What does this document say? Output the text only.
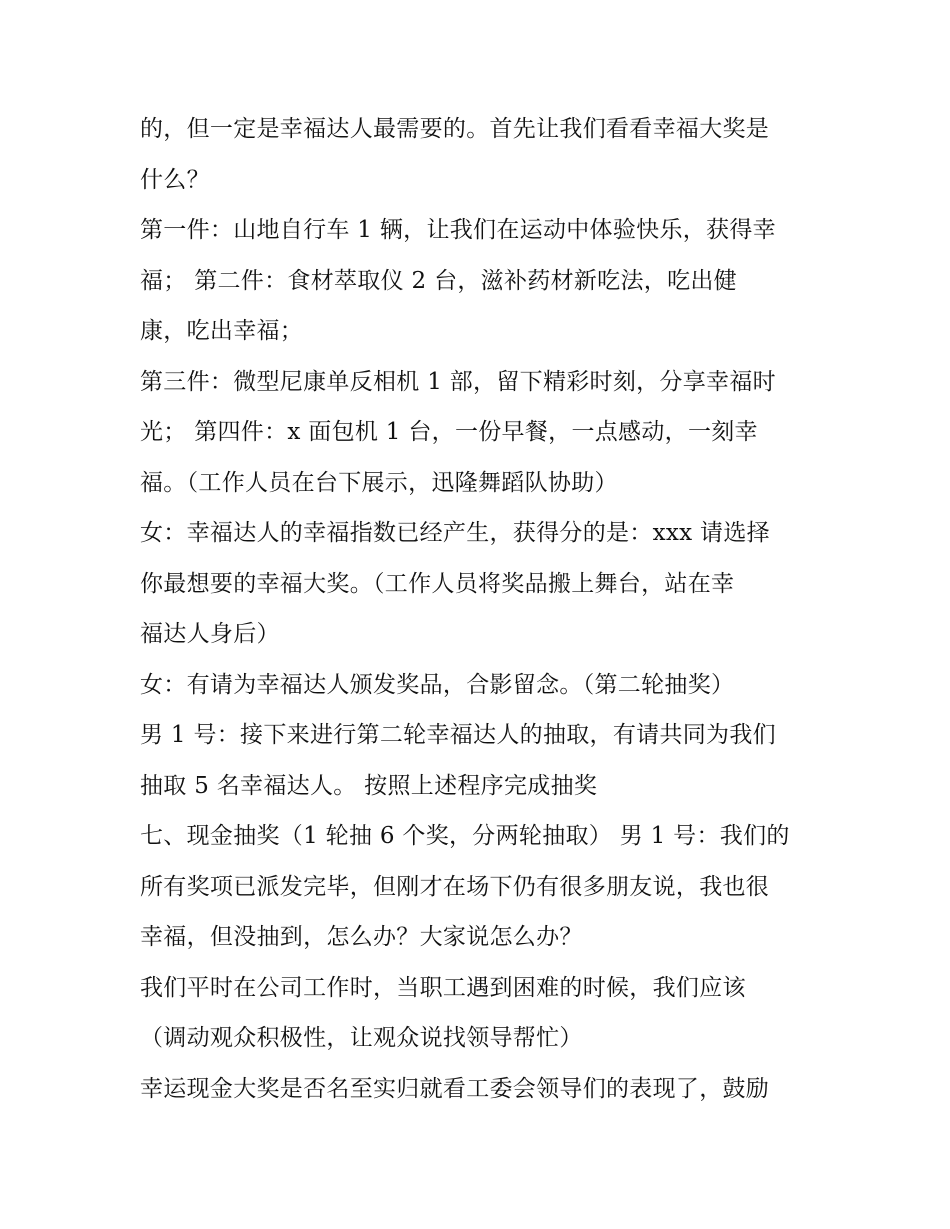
的，但一定是幸福达人最需要的。首先让我们看看幸福大奖是
什么？
第一件：山地自行车 1 辆，让我们在运动中体验快乐，获得幸
福； 第二件：食材萃取仪 2 台，滋补药材新吃法，吃出健
康，吃出幸福；
第三件：微型尼康单反相机 1 部，留下精彩时刻，分享幸福时
光； 第四件：x 面包机 1 台，一份早餐，一点感动，一刻幸
福。（工作人员在台下展示，迅隆舞蹈队协助）
女：幸福达人的幸福指数已经产生，获得分的是：xxx 请选择
你最想要的幸福大奖。（工作人员将奖品搬上舞台，站在幸
福达人身后）
女：有请为幸福达人颁发奖品，合影留念。（第二轮抽奖）
男 1 号：接下来进行第二轮幸福达人的抽取，有请共同为我们
抽取 5 名幸福达人。 按照上述程序完成抽奖
七、现金抽奖（1 轮抽 6 个奖，分两轮抽取） 男 1 号：我们的
所有奖项已派发完毕，但刚才在场下仍有很多朋友说，我也很
幸福，但没抽到，怎么办？大家说怎么办？
我们平时在公司工作时，当职工遇到困难的时候，我们应该
（调动观众积极性，让观众说找领导帮忙）
幸运现金大奖是否名至实归就看工委会领导们的表现了，鼓励
